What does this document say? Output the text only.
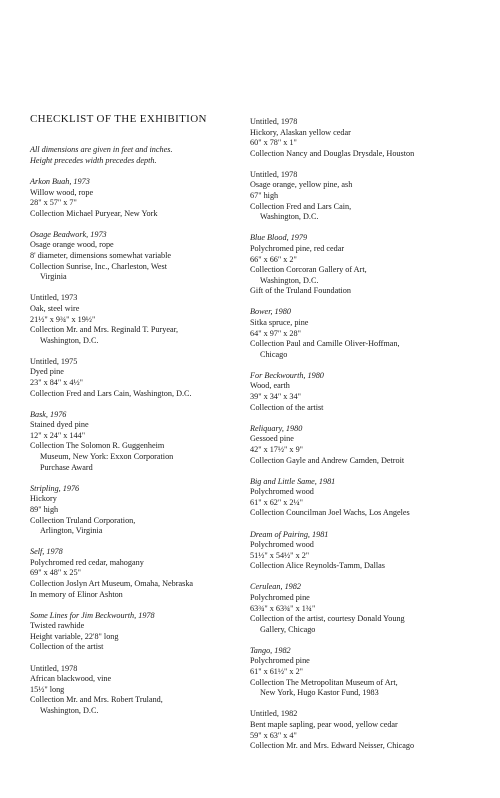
CHECKLIST OF THE EXHIBITION
All dimensions are given in feet and inches.
Height precedes width precedes depth.
Arkon Buah, 1973
Willow wood, rope
28" x 57" x 7"
Collection Michael Puryear, New York
Osage Beadwork, 1973
Osage orange wood, rope
8' diameter, dimensions somewhat variable
Collection Sunrise, Inc., Charleston, West
Virginia
Untitled, 1973
Oak, steel wire
21½" x 9¾" x 19½"
Collection Mr. and Mrs. Reginald T. Puryear,
Washington, D.C.
Untitled, 1975
Dyed pine
23" x 84" x 4½"
Collection Fred and Lars Cain, Washington, D.C.
Bask, 1976
Stained dyed pine
12" x 24" x 144"
Collection The Solomon R. Guggenheim
Museum, New York: Exxon Corporation
Purchase Award
Stripling, 1976
Hickory
89" high
Collection Truland Corporation,
Arlington, Virginia
Self, 1978
Polychromed red cedar, mahogany
69" x 48" x 25"
Collection Joslyn Art Museum, Omaha, Nebraska
In memory of Elinor Ashton
Some Lines for Jim Beckwourth, 1978
Twisted rawhide
Height variable, 22'8" long
Collection of the artist
Untitled, 1978
African blackwood, vine
15½" long
Collection Mr. and Mrs. Robert Truland,
Washington, D.C.
Untitled, 1978
Hickory, Alaskan yellow cedar
60" x 78" x 1"
Collection Nancy and Douglas Drysdale, Houston
Untitled, 1978
Osage orange, yellow pine, ash
67" high
Collection Fred and Lars Cain,
Washington, D.C.
Blue Blood, 1979
Polychromed pine, red cedar
66" x 66" x 2"
Collection Corcoran Gallery of Art,
Washington, D.C.
Gift of the Truland Foundation
Bower, 1980
Sitka spruce, pine
64" x 97" x 28"
Collection Paul and Camille Oliver-Hoffman,
Chicago
For Beckwourth, 1980
Wood, earth
39" x 34" x 34"
Collection of the artist
Reliquary, 1980
Gessoed pine
42" x 17½" x 9"
Collection Gayle and Andrew Camden, Detroit
Big and Little Same, 1981
Polychromed wood
61" x 62" x 2¼"
Collection Councilman Joel Wachs, Los Angeles
Dream of Pairing, 1981
Polychromed wood
51½" x 54½" x 2"
Collection Alice Reynolds-Tamm, Dallas
Cerulean, 1982
Polychromed pine
63¾" x 63¾" x 1¾"
Collection of the artist, courtesy Donald Young
Gallery, Chicago
Tango, 1982
Polychromed pine
61" x 61½" x 2"
Collection The Metropolitan Museum of Art,
New York, Hugo Kastor Fund, 1983
Untitled, 1982
Bent maple sapling, pear wood, yellow cedar
59" x 63" x 4"
Collection Mr. and Mrs. Edward Neisser, Chicago
